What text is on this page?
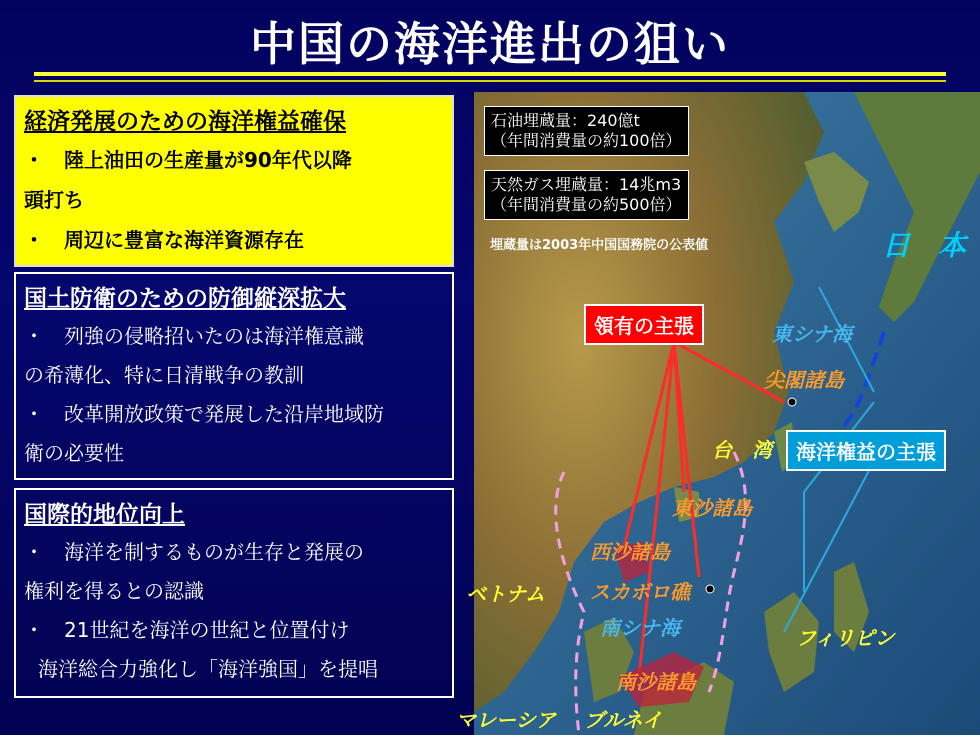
中国の海洋進出の狙い
経済発展のための海洋権益確保
・　陸上油田の生産量が90年代以降
頭打ち
・　周辺に豊富な海洋資源存在
国土防衛のための防御縦深拡大
・　列強の侵略招いたのは海洋権意識
の希薄化、特に日清戦争の教訓
・　改革開放政策で発展した沿岸地域防
衛の必要性
国際的地位向上
・　海洋を制するものが生存と発展の
権利を得るとの認識
・　21世紀を海洋の世紀と位置付け
海洋総合力強化し「海洋強国」を提唱
石油埋蔵量：240億t
（年間消費量の約100倍）
天然ガス埋蔵量：14兆m3
（年間消費量の約500倍）
埋蔵量は2003年中国国務院の公表値
領有の主張
海洋権益の主張
日　本
東シナ海
尖閣諸島
台　湾
東沙諸島
西沙諸島
スカボロ礁
ベトナム
南シナ海	フィリピン
南沙諸島
マレーシア ブルネイ
